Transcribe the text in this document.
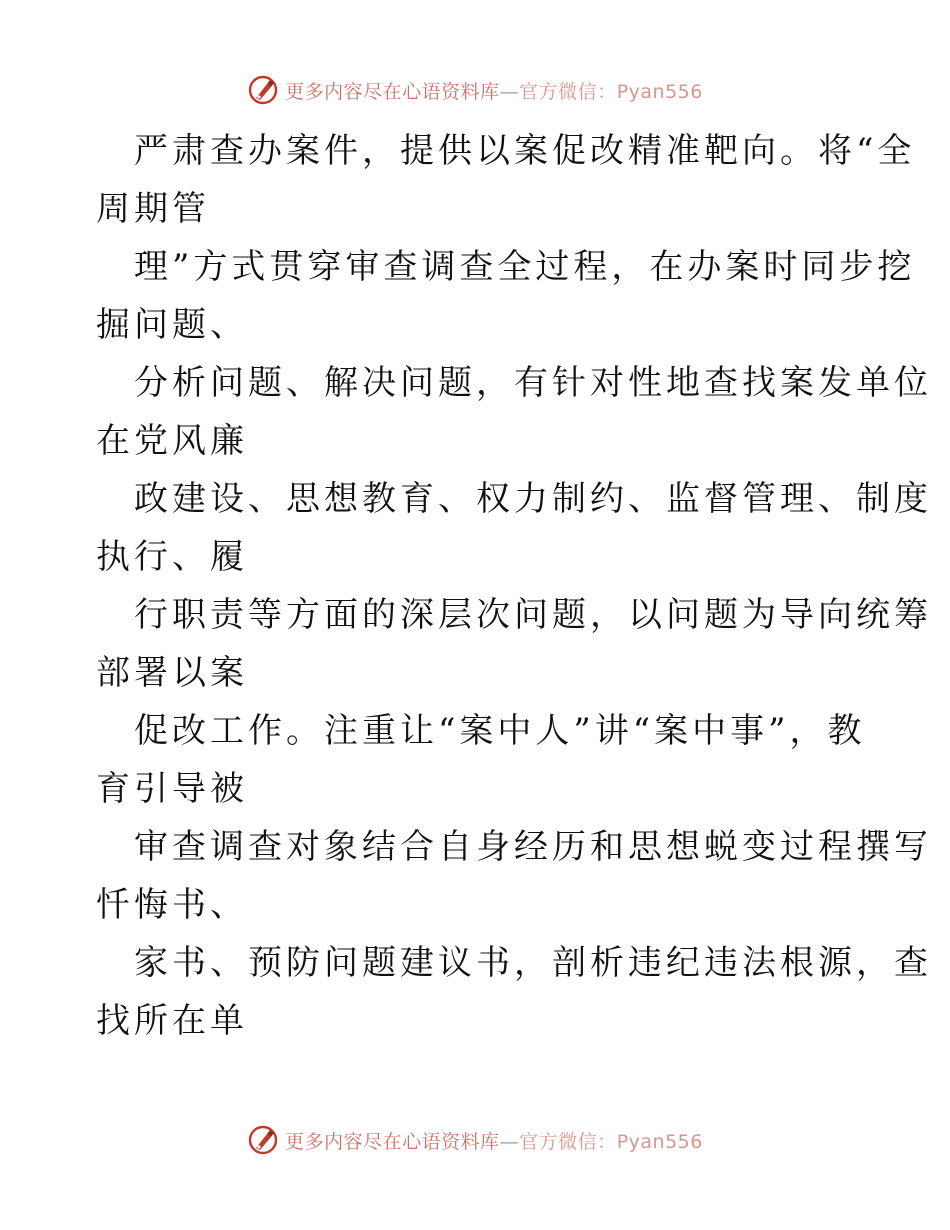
更多内容尽在心语资料库—官方微信：Pyan556
严肃查办案件，提供以案促改精准靶向。将“全
周期管
理”方式贯穿审查调查全过程，在办案时同步挖
掘问题、
分析问题、解决问题，有针对性地查找案发单位
在党风廉
政建设、思想教育、权力制约、监督管理、制度
执行、履
行职责等方面的深层次问题，以问题为导向统筹
部署以案
促改工作。注重让“案中人”讲“案中事”，教
育引导被
审查调查对象结合自身经历和思想蜕变过程撰写
忏悔书、
家书、预防问题建议书，剖析违纪违法根源，查
找所在单
更多内容尽在心语资料库—官方微信：Pyan556
